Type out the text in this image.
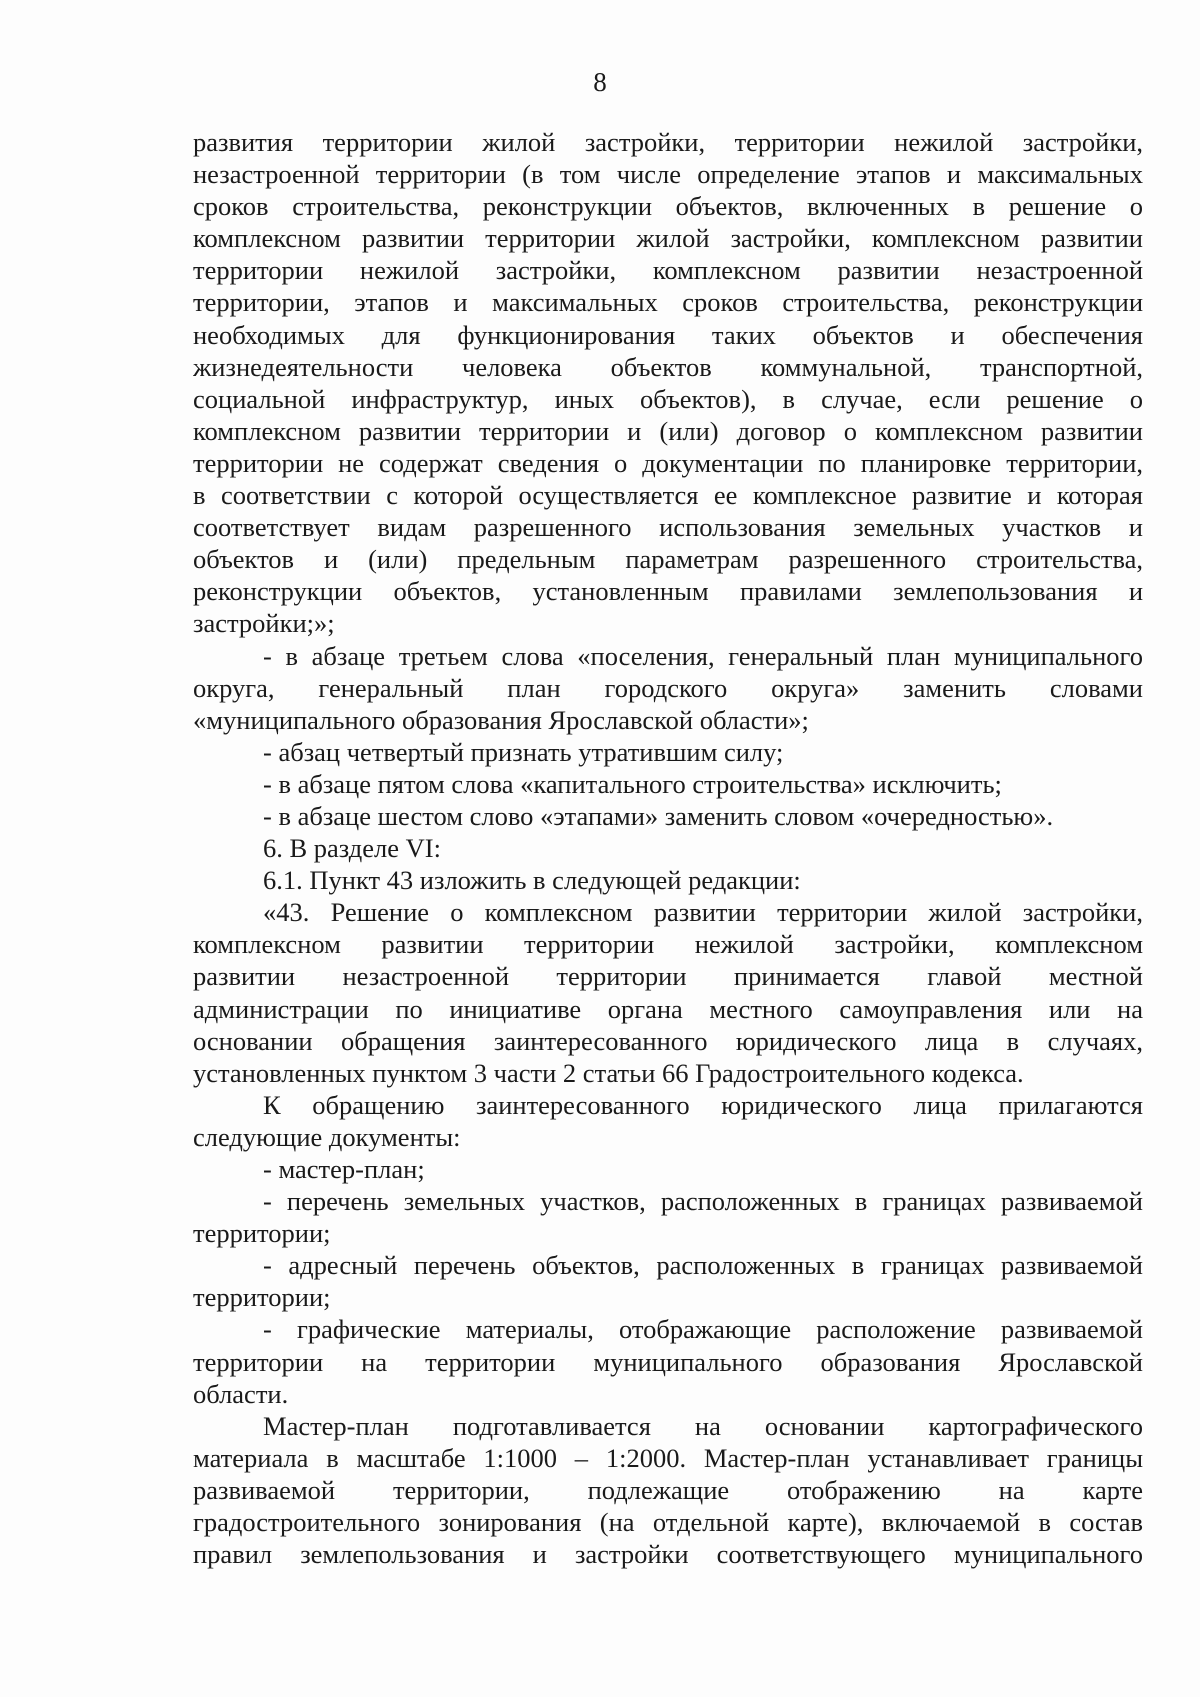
8
развития территории жилой застройки, территории нежилой застройки,
незастроенной территории (в том числе определение этапов и максимальных
сроков строительства, реконструкции объектов, включенных в решение о
комплексном развитии территории жилой застройки, комплексном развитии
территории нежилой застройки, комплексном развитии незастроенной
территории, этапов и максимальных сроков строительства, реконструкции
необходимых для функционирования таких объектов и обеспечения
жизнедеятельности человека объектов коммунальной, транспортной,
социальной инфраструктур, иных объектов), в случае, если решение о
комплексном развитии территории и (или) договор о комплексном развитии
территории не содержат сведения о документации по планировке территории,
в соответствии с которой осуществляется ее комплексное развитие и которая
соответствует видам разрешенного использования земельных участков и
объектов и (или) предельным параметрам разрешенного строительства,
реконструкции объектов, установленным правилами землепользования и
застройки;»;
- в абзаце третьем слова «поселения, генеральный план муниципального
округа, генеральный план городского округа» заменить словами
«муниципального образования Ярославской области»;
- абзац четвертый признать утратившим силу;
- в абзаце пятом слова «капитального строительства» исключить;
- в абзаце шестом слово «этапами» заменить словом «очередностью».
6. В разделе VI:
6.1. Пункт 43 изложить в следующей редакции:
«43. Решение о комплексном развитии территории жилой застройки,
комплексном развитии территории нежилой застройки, комплексном
развитии незастроенной территории принимается главой местной
администрации по инициативе органа местного самоуправления или на
основании обращения заинтересованного юридического лица в случаях,
установленных пунктом 3 части 2 статьи 66 Градостроительного кодекса.
К обращению заинтересованного юридического лица прилагаются
следующие документы:
- мастер-план;
- перечень земельных участков, расположенных в границах развиваемой
территории;
- адресный перечень объектов, расположенных в границах развиваемой
территории;
- графические материалы, отображающие расположение развиваемой
территории на территории муниципального образования Ярославской
области.
Мастер-план подготавливается на основании картографического
материала в масштабе 1:1000 – 1:2000. Мастер-план устанавливает границы
развиваемой территории, подлежащие отображению на карте
градостроительного зонирования (на отдельной карте), включаемой в состав
правил землепользования и застройки соответствующего муниципального
